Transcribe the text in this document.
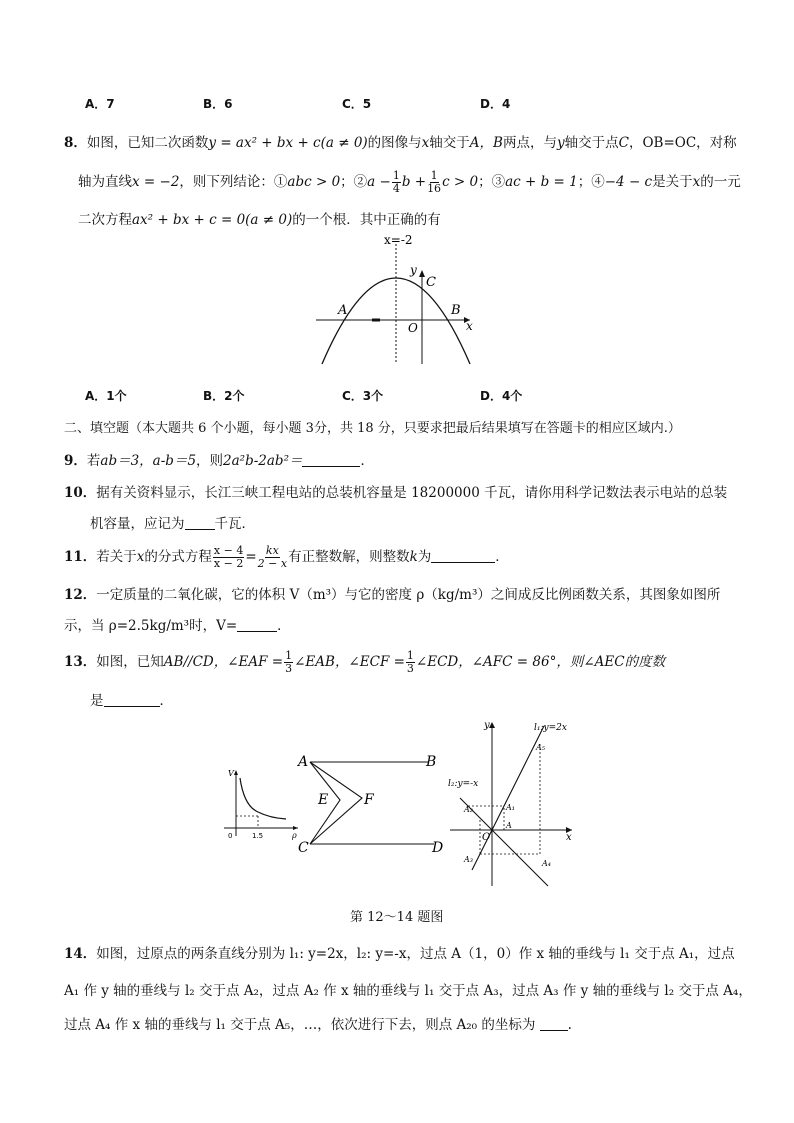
A．7	B．6	C．5	D．4
8．如图，已知二次函数y = ax² + bx + c(a ≠ 0)的图像与x轴交于A，B两点，与y轴交于点C，OB=OC，对称
轴为直线x = −2，则下列结论：①abc > 0；②a − $\frac{1}{4}$ $b + \frac{1}{16}$ c > 0；③ac + b = 1；④−4 − c是关于x的一元
二次方程ax² + bx + c = 0(a ≠ 0)的一个根．其中正确的有
x=-2
y
C
A	B
O	x
A．1个	B．2个	C．3个	D．4个
二、填空题（本大题共 6 个小题，每小题 3分，共 18 分，只要求把最后结果填写在答题卡的相应区域内.）
9．若ab＝3，a-b＝5，则2a²b-2ab²＝	．
10．据有关资料显示，长江三峡工程电站的总装机容量是 18200000 千瓦，请你用科学记数法表示电站的总装
机容量，应记为 千瓦．
11．若关于x的分式方程 $\frac{x - 4}{x - 2} = \frac{kx}{2 - x}$ 有正整数解，则整数k为	．
12．一定质量的二氧化碳，它的体积 V（m³）与它的密度 ρ（kg/m³）之间成反比例函数关系，其图象如图所
示，当 ρ=2.5kg/m³时，V=	．
13．如图，已知AB//CD，∠EAF = $\frac{1}{3}$ ∠EAB，∠ECF = $\frac{1}{3}$ ∠ECD，∠AFC = 86°，则∠AEC的度数
是	．
V
ρ
0	1.5
A	B
C	D
E	F
y
x
O
l₁:y=2x
l₂:y=-x
A
A₁
A₂
A₃	A₄
A₅
第 12～14 题图
14．如图，过原点的两条直线分别为 l₁: y=2x，l₂: y=-x，过点 A（1，0）作 x 轴的垂线与 l₁ 交于点 A₁，过点
A₁ 作 y 轴的垂线与 l₂ 交于点 A₂，过点 A₂ 作 x 轴的垂线与 l₁ 交于点 A₃，过点 A₃ 作 y 轴的垂线与 l₂ 交于点 A₄，
过点 A₄ 作 x 轴的垂线与 l₁ 交于点 A₅，…，依次进行下去，则点 A₂₀ 的坐标为 .
